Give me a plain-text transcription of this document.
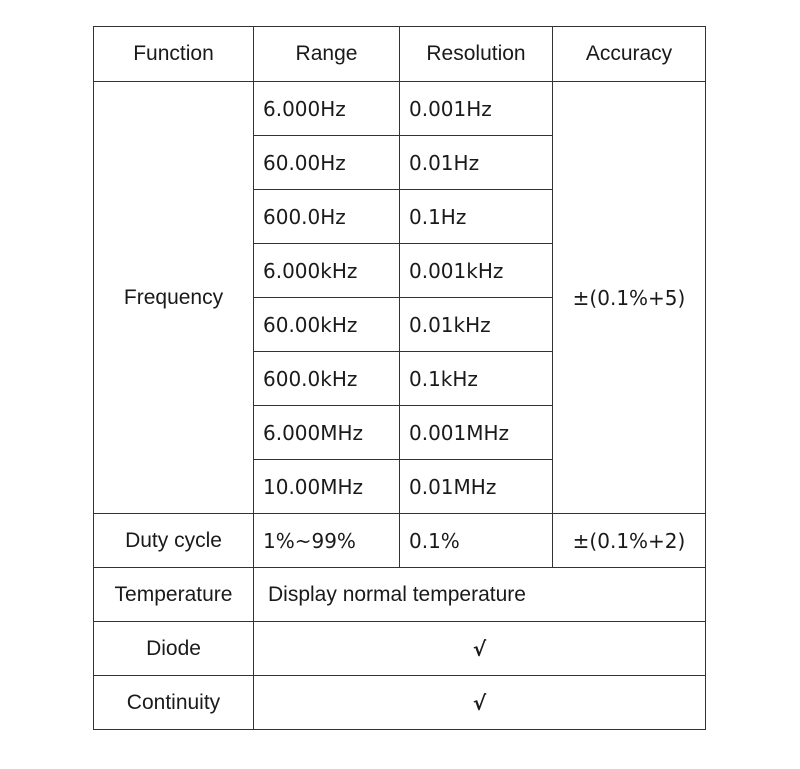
Function	Range	Resolution	Accuracy
Frequency	6.000Hz	0.001Hz	±(0.1%+5)
	60.00Hz	0.01Hz	
	600.0Hz	0.1Hz	
	6.000kHz	0.001kHz	
	60.00kHz	0.01kHz	
	600.0kHz	0.1kHz	
	6.000MHz	0.001MHz	
	10.00MHz	0.01MHz	
Duty cycle	1%~99%	0.1%	±(0.1%+2)
Temperature	Display normal temperature		
Diode	√		
Continuity	√		
